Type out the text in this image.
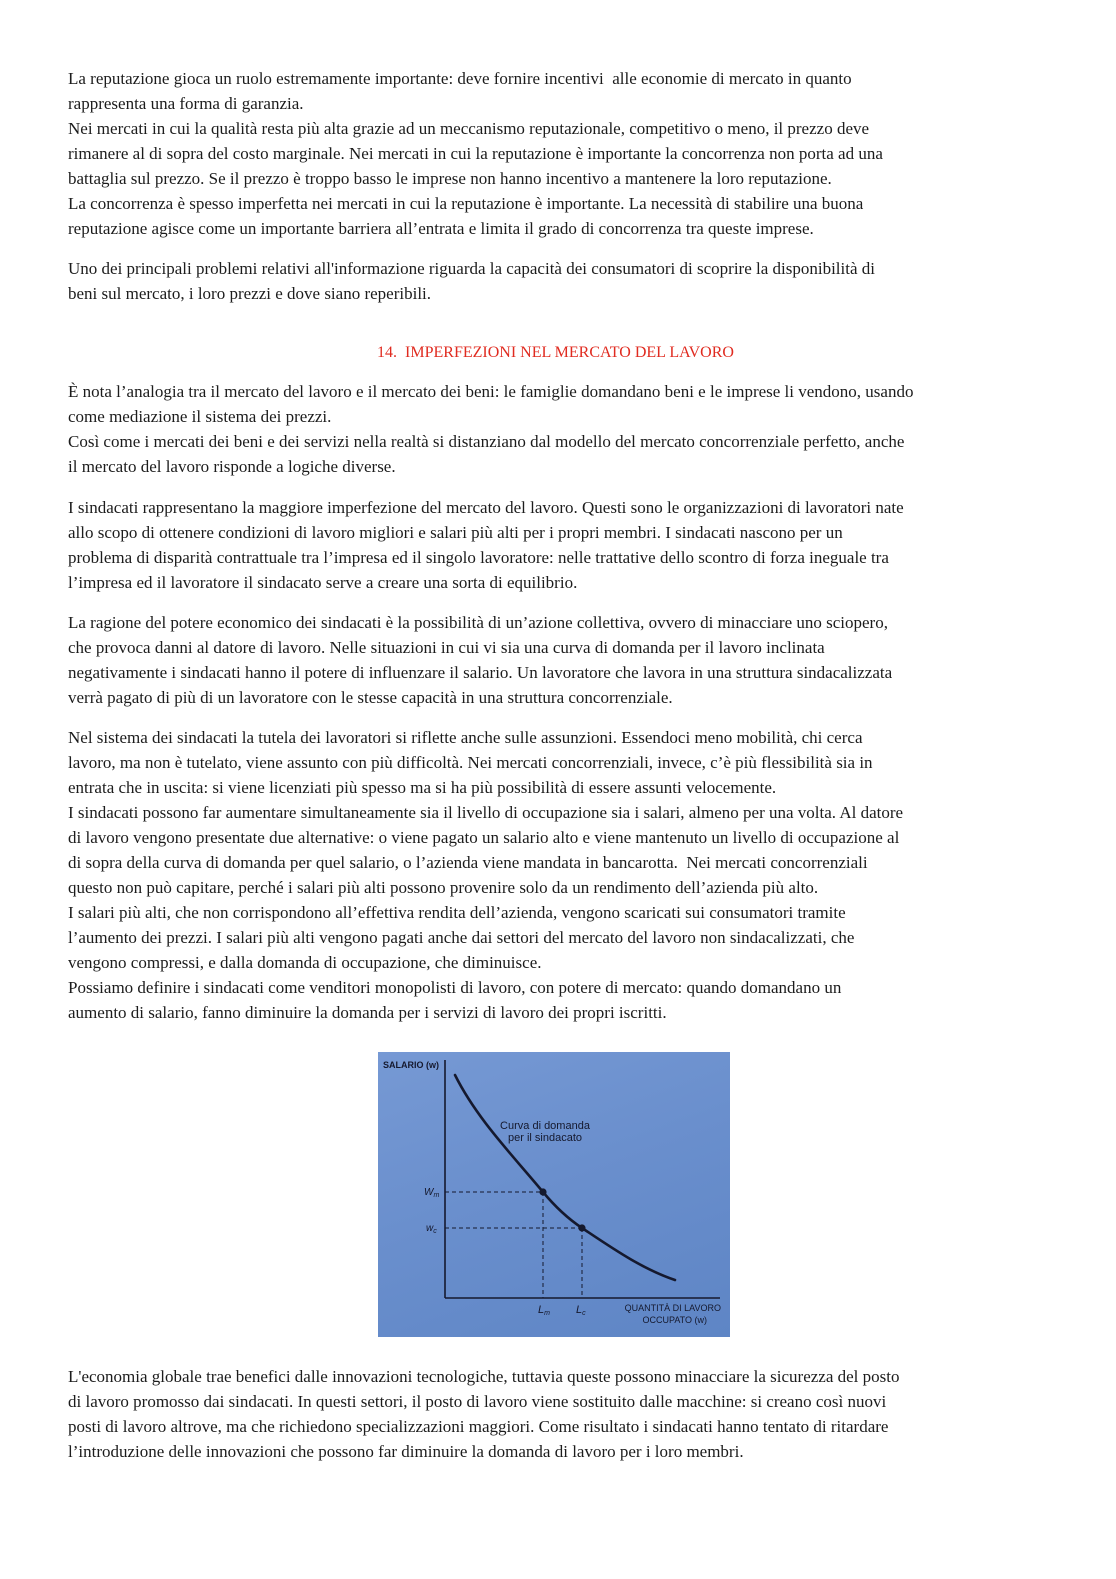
La reputazione gioca un ruolo estremamente importante: deve fornire incentivi  alle economie di mercato in quanto
rappresenta una forma di garanzia.
Nei mercati in cui la qualità resta più alta grazie ad un meccanismo reputazionale, competitivo o meno, il prezzo deve
rimanere al di sopra del costo marginale. Nei mercati in cui la reputazione è importante la concorrenza non porta ad una
battaglia sul prezzo. Se il prezzo è troppo basso le imprese non hanno incentivo a mantenere la loro reputazione.
La concorrenza è spesso imperfetta nei mercati in cui la reputazione è importante. La necessità di stabilire una buona
reputazione agisce come un importante barriera all’entrata e limita il grado di concorrenza tra queste imprese.
Uno dei principali problemi relativi all'informazione riguarda la capacità dei consumatori di scoprire la disponibilità di
beni sul mercato, i loro prezzi e dove siano reperibili.
14.  IMPERFEZIONI NEL MERCATO DEL LAVORO
È nota l’analogia tra il mercato del lavoro e il mercato dei beni: le famiglie domandano beni e le imprese li vendono, usando
come mediazione il sistema dei prezzi.
Così come i mercati dei beni e dei servizi nella realtà si distanziano dal modello del mercato concorrenziale perfetto, anche
il mercato del lavoro risponde a logiche diverse.
I sindacati rappresentano la maggiore imperfezione del mercato del lavoro. Questi sono le organizzazioni di lavoratori nate
allo scopo di ottenere condizioni di lavoro migliori e salari più alti per i propri membri. I sindacati nascono per un
problema di disparità contrattuale tra l’impresa ed il singolo lavoratore: nelle trattative dello scontro di forza ineguale tra
l’impresa ed il lavoratore il sindacato serve a creare una sorta di equilibrio.
La ragione del potere economico dei sindacati è la possibilità di un’azione collettiva, ovvero di minacciare uno sciopero,
che provoca danni al datore di lavoro. Nelle situazioni in cui vi sia una curva di domanda per il lavoro inclinata
negativamente i sindacati hanno il potere di influenzare il salario. Un lavoratore che lavora in una struttura sindacalizzata
verrà pagato di più di un lavoratore con le stesse capacità in una struttura concorrenziale.
Nel sistema dei sindacati la tutela dei lavoratori si riflette anche sulle assunzioni. Essendoci meno mobilità, chi cerca
lavoro, ma non è tutelato, viene assunto con più difficoltà. Nei mercati concorrenziali, invece, c’è più flessibilità sia in
entrata che in uscita: si viene licenziati più spesso ma si ha più possibilità di essere assunti velocemente.
I sindacati possono far aumentare simultaneamente sia il livello di occupazione sia i salari, almeno per una volta. Al datore
di lavoro vengono presentate due alternative: o viene pagato un salario alto e viene mantenuto un livello di occupazione al
di sopra della curva di domanda per quel salario, o l’azienda viene mandata in bancarotta.  Nei mercati concorrenziali
questo non può capitare, perché i salari più alti possono provenire solo da un rendimento dell’azienda più alto.
I salari più alti, che non corrispondono all’effettiva rendita dell’azienda, vengono scaricati sui consumatori tramite
l’aumento dei prezzi. I salari più alti vengono pagati anche dai settori del mercato del lavoro non sindacalizzati, che
vengono compressi, e dalla domanda di occupazione, che diminuisce.
Possiamo definire i sindacati come venditori monopolisti di lavoro, con potere di mercato: quando domandano un
aumento di salario, fanno diminuire la domanda per i servizi di lavoro dei propri iscritti.
SALARIO (w)
Curva di domanda
per il sindacato
$W_m$
$w_c$
Lm Lc
QUANTITÀ DI LAVORO
OCCUPATO (w)
L'economia globale trae benefici dalle innovazioni tecnologiche, tuttavia queste possono minacciare la sicurezza del posto
di lavoro promosso dai sindacati. In questi settori, il posto di lavoro viene sostituito dalle macchine: si creano così nuovi
posti di lavoro altrove, ma che richiedono specializzazioni maggiori. Come risultato i sindacati hanno tentato di ritardare
l’introduzione delle innovazioni che possono far diminuire la domanda di lavoro per i loro membri.
